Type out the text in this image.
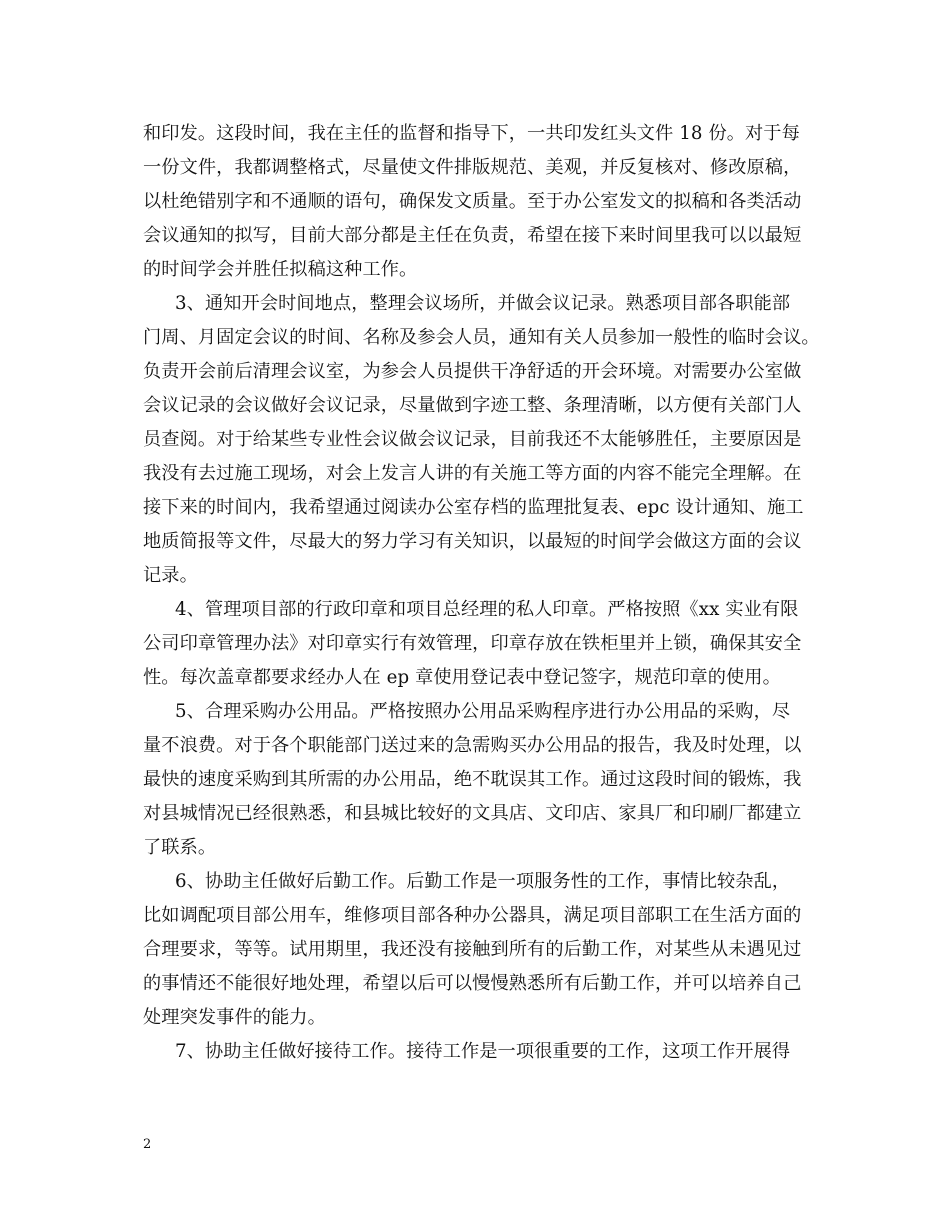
和印发。这段时间，我在主任的监督和指导下，一共印发红头文件 18 份。对于每
一份文件，我都调整格式，尽量使文件排版规范、美观，并反复核对、修改原稿，
以杜绝错别字和不通顺的语句，确保发文质量。至于办公室发文的拟稿和各类活动
会议通知的拟写，目前大部分都是主任在负责，希望在接下来时间里我可以以最短
的时间学会并胜任拟稿这种工作。
3、通知开会时间地点，整理会议场所，并做会议记录。熟悉项目部各职能部
门周、月固定会议的时间、名称及参会人员，通知有关人员参加一般性的临时会议。
负责开会前后清理会议室，为参会人员提供干净舒适的开会环境。对需要办公室做
会议记录的会议做好会议记录，尽量做到字迹工整、条理清晰，以方便有关部门人
员查阅。对于给某些专业性会议做会议记录，目前我还不太能够胜任，主要原因是
我没有去过施工现场，对会上发言人讲的有关施工等方面的内容不能完全理解。在
接下来的时间内，我希望通过阅读办公室存档的监理批复表、epc 设计通知、施工
地质简报等文件，尽最大的努力学习有关知识，以最短的时间学会做这方面的会议
记录。
4、管理项目部的行政印章和项目总经理的私人印章。严格按照《xx 实业有限
公司印章管理办法》对印章实行有效管理，印章存放在铁柜里并上锁，确保其安全
性。每次盖章都要求经办人在 ep 章使用登记表中登记签字，规范印章的使用。
5、合理采购办公用品。严格按照办公用品采购程序进行办公用品的采购，尽
量不浪费。对于各个职能部门送过来的急需购买办公用品的报告，我及时处理，以
最快的速度采购到其所需的办公用品，绝不耽误其工作。通过这段时间的锻炼，我
对县城情况已经很熟悉，和县城比较好的文具店、文印店、家具厂和印刷厂都建立
了联系。
6、协助主任做好后勤工作。后勤工作是一项服务性的工作，事情比较杂乱，
比如调配项目部公用车，维修项目部各种办公器具，满足项目部职工在生活方面的
合理要求，等等。试用期里，我还没有接触到所有的后勤工作，对某些从未遇见过
的事情还不能很好地处理，希望以后可以慢慢熟悉所有后勤工作，并可以培养自己
处理突发事件的能力。
7、协助主任做好接待工作。接待工作是一项很重要的工作，这项工作开展得
2
